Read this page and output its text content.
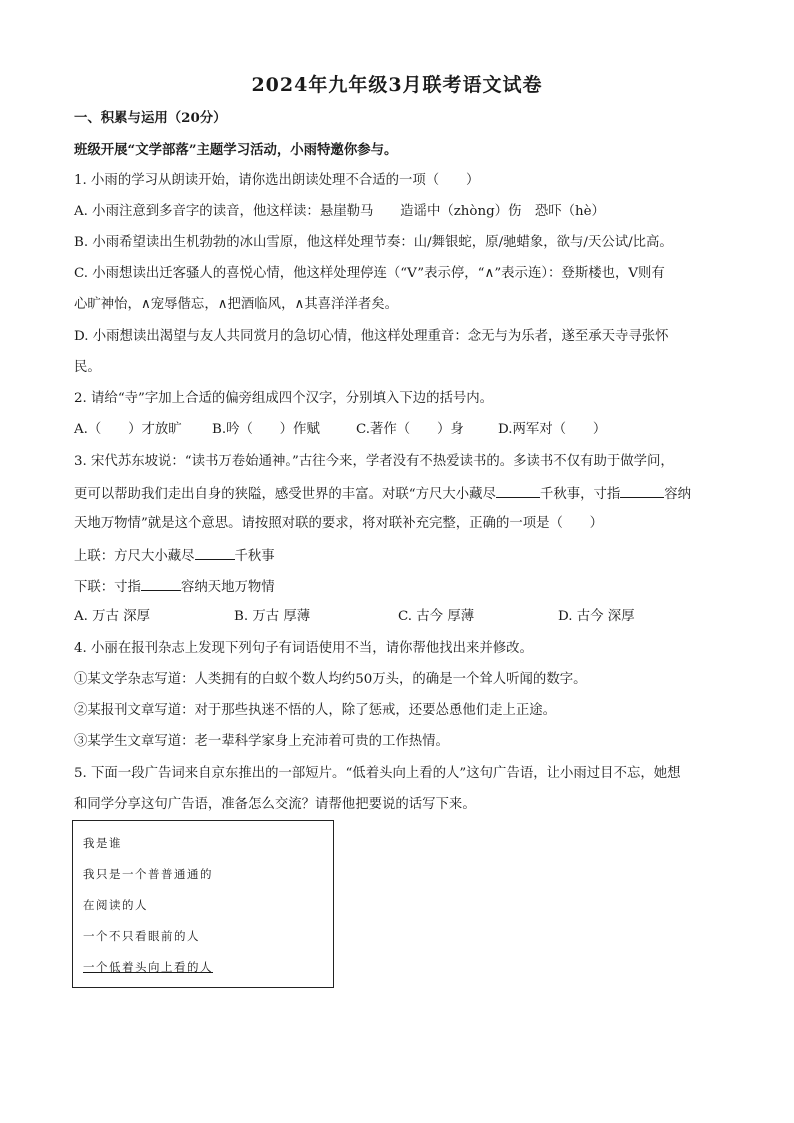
2024年九年级3月联考语文试卷
一、积累与运用（20分）
班级开展“文学部落”主题学习活动，小雨特邀你参与。
1. 小雨的学习从朗读开始，请你选出朗读处理不合适的一项（　　）
A. 小雨注意到多音字的读音，他这样读：悬崖勒马　　造谣中（zhòng）伤　恐吓（hè）
B. 小雨希望读出生机勃勃的冰山雪原，他这样处理节奏：山/舞银蛇，原/驰蜡象，欲与/天公试/比高。
C. 小雨想读出迁客骚人的喜悦心情，他这样处理停连（“V”表示停，“∧”表示连）：登斯楼也，V则有
心旷神怡，∧宠辱偕忘，∧把酒临风，∧其喜洋洋者矣。
D. 小雨想读出渴望与友人共同赏月的急切心情，他这样处理重音：念无与为乐者，遂至承天寺寻张怀
民。
2. 请给“寺”字加上合适的偏旁组成四个汉字，分别填入下边的括号内。
A.（　　）才放旷 B.吟（　　）作赋	C.著作（　　）身	D.两军对（　　）
3. 宋代苏东坡说：“读书万卷始通神。”古往今来，学者没有不热爱读书的。多读书不仅有助于做学问，
更可以帮助我们走出自身的狭隘，感受世界的丰富。对联“方尺大小藏尽	千秋事，寸指	容纳
天地万物情”就是这个意思。请按照对联的要求，将对联补充完整，正确的一项是（　　）
上联：方尺大小藏尽	千秋事
下联：寸指	容纳天地万物情
A. 万古 深厚	B. 万古 厚薄	C. 古今 厚薄	D. 古今 深厚
4. 小丽在报刊杂志上发现下列句子有词语使用不当，请你帮他找出来并修改。
①某文学杂志写道：人类拥有的白蚁个数人均约50万头，的确是一个耸人听闻的数字。
②某报刊文章写道：对于那些执迷不悟的人，除了惩戒，还要怂恿他们走上正途。
③某学生文章写道：老一辈科学家身上充沛着可贵的工作热情。
5. 下面一段广告词来自京东推出的一部短片。“低着头向上看的人”这句广告语，让小雨过目不忘，她想
和同学分享这句广告语，准备怎么交流？请帮他把要说的话写下来。
我是谁
我只是一个普普通通的
在阅读的人
一个不只看眼前的人
一个低着头向上看的人
